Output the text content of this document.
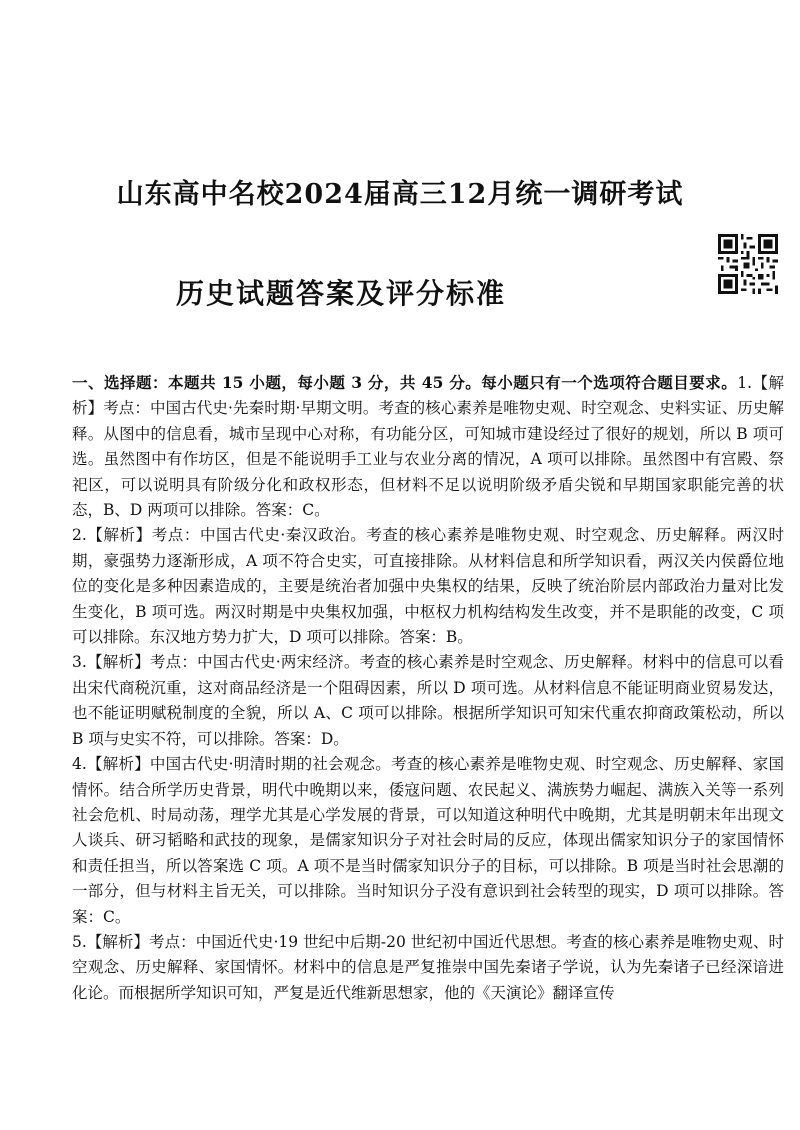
山东高中名校2024届高三12月统一调研考试
历史试题答案及评分标准

一、选择题：本题共 15 小题，每小题 3 分，共 45 分。每小题只有一个选项符合题目要求。1.【解析】考点：中国古代史·先秦时期·早期文明。考查的核心素养是唯物史观、时空观念、史料实证、历史解释。从图中的信息看，城市呈现中心对称，有功能分区，可知城市建设经过了很好的规划，所以 B 项可选。虽然图中有作坊区，但是不能说明手工业与农业分离的情况，A 项可以排除。虽然图中有宫殿、祭祀区，可以说明具有阶级分化和政权形态，但材料不足以说明阶级矛盾尖锐和早期国家职能完善的状态，B、D 两项可以排除。答案：C。

2.【解析】考点：中国古代史·秦汉政治。考查的核心素养是唯物史观、时空观念、历史解释。两汉时期，豪强势力逐渐形成，A 项不符合史实，可直接排除。从材料信息和所学知识看，两汉关内侯爵位地位的变化是多种因素造成的，主要是统治者加强中央集权的结果，反映了统治阶层内部政治力量对比发生变化，B 项可选。两汉时期是中央集权加强，中枢权力机构结构发生改变，并不是职能的改变，C 项可以排除。东汉地方势力扩大，D 项可以排除。答案：B。

3.【解析】考点：中国古代史·两宋经济。考查的核心素养是时空观念、历史解释。材料中的信息可以看出宋代商税沉重，这对商品经济是一个阻碍因素，所以 D 项可选。从材料信息不能证明商业贸易发达，也不能证明赋税制度的全貌，所以 A、C 项可以排除。根据所学知识可知宋代重农抑商政策松动，所以 B 项与史实不符，可以排除。答案：D。

4.【解析】中国古代史·明清时期的社会观念。考查的核心素养是唯物史观、时空观念、历史解释、家国情怀。结合所学历史背景，明代中晚期以来，倭寇问题、农民起义、满族势力崛起、满族入关等一系列社会危机、时局动荡，理学尤其是心学发展的背景，可以知道这种明代中晚期，尤其是明朝末年出现文人谈兵、研习韬略和武技的现象，是儒家知识分子对社会时局的反应，体现出儒家知识分子的家国情怀和责任担当，所以答案选 C 项。A 项不是当时儒家知识分子的目标，可以排除。B 项是当时社会思潮的一部分，但与材料主旨无关，可以排除。当时知识分子没有意识到社会转型的现实，D 项可以排除。答案：C。

5.【解析】考点：中国近代史·19 世纪中后期-20 世纪初中国近代思想。考查的核心素养是唯物史观、时空观念、历史解释、家国情怀。材料中的信息是严复推崇中国先秦诸子学说，认为先秦诸子已经深谙进化论。而根据所学知识可知，严复是近代维新思想家，他的《天演论》翻译宣传
